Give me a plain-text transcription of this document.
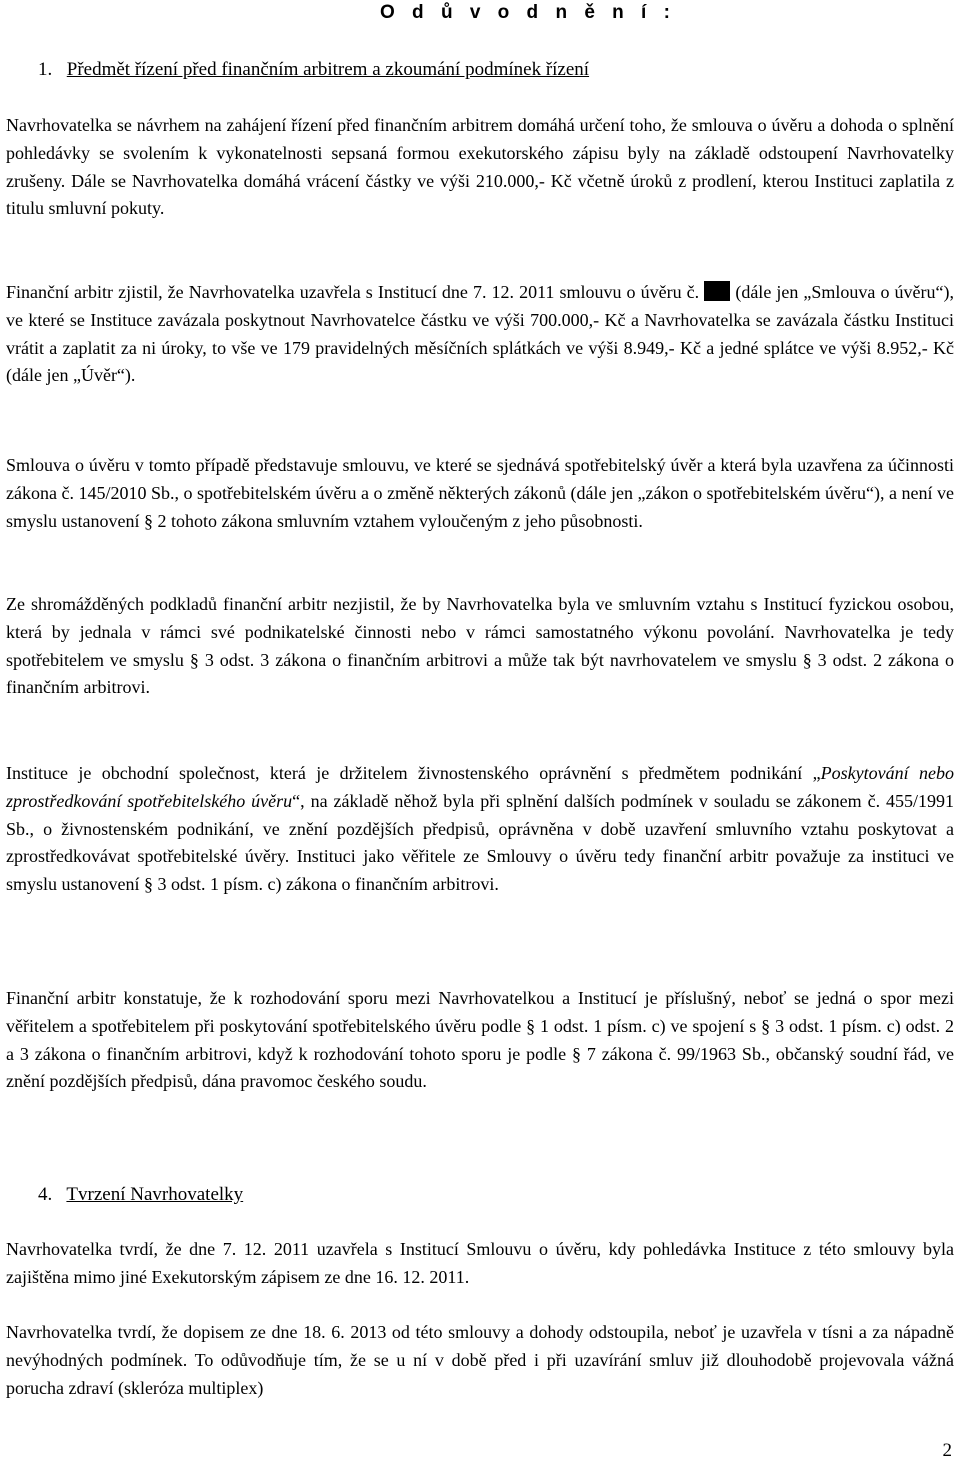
O d ů v o d n ě n í :

1. Předmět řízení před finančním arbitrem a zkoumání podmínek řízení

Navrhovatelka se návrhem na zahájení řízení před finančním arbitrem domáhá určení toho, že smlouva o úvěru a dohoda o splnění pohledávky se svolením k vykonatelnosti sepsaná formou exekutorského zápisu byly na základě odstoupení Navrhovatelky zrušeny. Dále se Navrhovatelka domáhá vrácení částky ve výši 210.000,- Kč včetně úroků z prodlení, kterou Instituci zaplatila z titulu smluvní pokuty.

Finanční arbitr zjistil, že Navrhovatelka uzavřela s Institucí dne 7. 12. 2011 smlouvu o úvěru č. (dále jen „Smlouva o úvěru“), ve které se Instituce zavázala poskytnout Navrhovatelce částku ve výši 700.000,- Kč a Navrhovatelka se zavázala částku Instituci vrátit a zaplatit za ni úroky, to vše ve 179 pravidelných měsíčních splátkách ve výši 8.949,- Kč a jedné splátce ve výši 8.952,- Kč (dále jen „Úvěr“).

Smlouva o úvěru v tomto případě představuje smlouvu, ve které se sjednává spotřebitelský úvěr a která byla uzavřena za účinnosti zákona č. 145/2010 Sb., o spotřebitelském úvěru a o změně některých zákonů (dále jen „zákon o spotřebitelském úvěru“), a není ve smyslu ustanovení § 2 tohoto zákona smluvním vztahem vyloučeným z jeho působnosti.

Ze shromážděných podkladů finanční arbitr nezjistil, že by Navrhovatelka byla ve smluvním vztahu s Institucí fyzickou osobou, která by jednala v rámci své podnikatelské činnosti nebo v rámci samostatného výkonu povolání. Navrhovatelka je tedy spotřebitelem ve smyslu § 3 odst. 3 zákona o finančním arbitrovi a může tak být navrhovatelem ve smyslu § 3 odst. 2 zákona o finančním arbitrovi.

Instituce je obchodní společnost, která je držitelem živnostenského oprávnění s předmětem podnikání „Poskytování nebo zprostředkování spotřebitelského úvěru“, na základě něhož byla při splnění dalších podmínek v souladu se zákonem č. 455/1991 Sb., o živnostenském podnikání, ve znění pozdějších předpisů, oprávněna v době uzavření smluvního vztahu poskytovat a zprostředkovávat spotřebitelské úvěry. Instituci jako věřitele ze Smlouvy o úvěru tedy finanční arbitr považuje za instituci ve smyslu ustanovení § 3 odst. 1 písm. c) zákona o finančním arbitrovi.

Finanční arbitr konstatuje, že k rozhodování sporu mezi Navrhovatelkou a Institucí je příslušný, neboť se jedná o spor mezi věřitelem a spotřebitelem při poskytování spotřebitelského úvěru podle § 1 odst. 1 písm. c) ve spojení s § 3 odst. 1 písm. c) odst. 2 a 3 zákona o finančním arbitrovi, když k rozhodování tohoto sporu je podle § 7 zákona č. 99/1963 Sb., občanský soudní řád, ve znění pozdějších předpisů, dána pravomoc českého soudu.

4. Tvrzení Navrhovatelky

Navrhovatelka tvrdí, že dne 7. 12. 2011 uzavřela s Institucí Smlouvu o úvěru, kdy pohledávka Instituce z této smlouvy byla zajištěna mimo jiné Exekutorským zápisem ze dne 16. 12. 2011.

Navrhovatelka tvrdí, že dopisem ze dne 18. 6. 2013 od této smlouvy a dohody odstoupila, neboť je uzavřela v tísni a za nápadně nevýhodných podmínek. To odůvodňuje tím, že se u ní v době před i při uzavírání smluv již dlouhodobě projevovala vážná porucha zdraví (skleróza multiplex)

2
